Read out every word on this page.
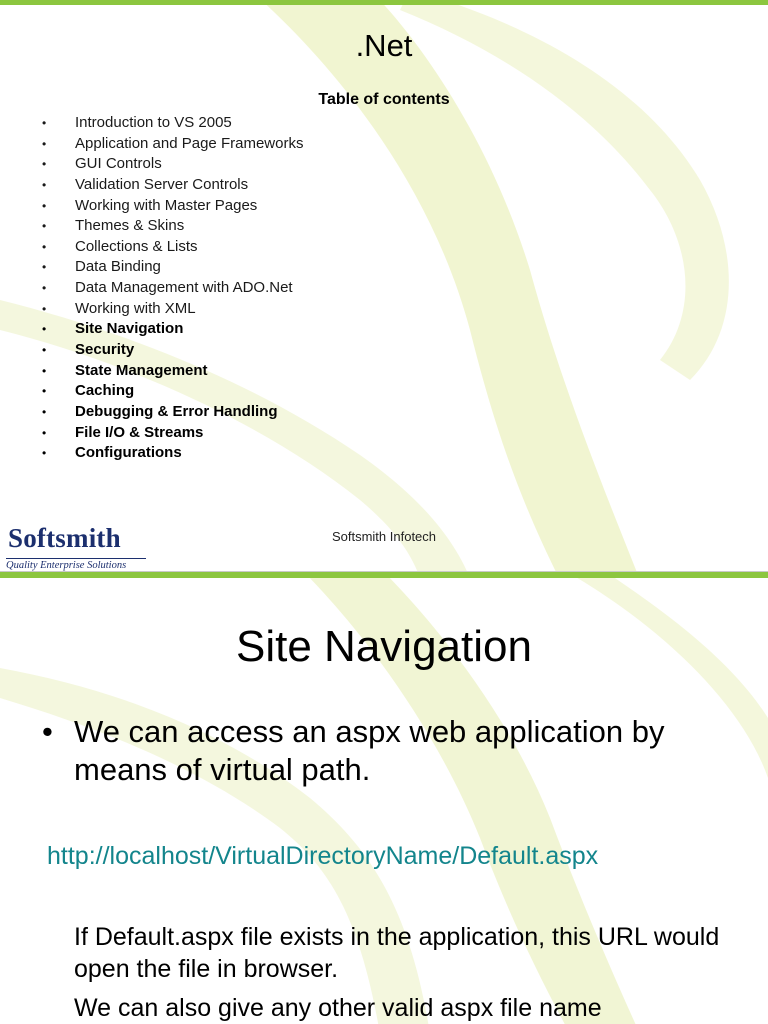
.Net
Table of contents
• Introduction to VS 2005
• Application and Page Frameworks
• GUI Controls
• Validation Server Controls
• Working with Master Pages
• Themes & Skins
• Collections & Lists
• Data Binding
• Data Management with ADO.Net
• Working with XML
• Site Navigation
• Security
• State Management
• Caching
• Debugging & Error Handling
• File I/O & Streams
• Configurations
Softsmith
Quality Enterprise Solutions
Softsmith Infotech
Site Navigation
• We can access an aspx web application by means of virtual path.
http://localhost/VirtualDirectoryName/Default.aspx
If Default.aspx file exists in the application, this URL would open the file in browser.
We can also give any other valid aspx file name
